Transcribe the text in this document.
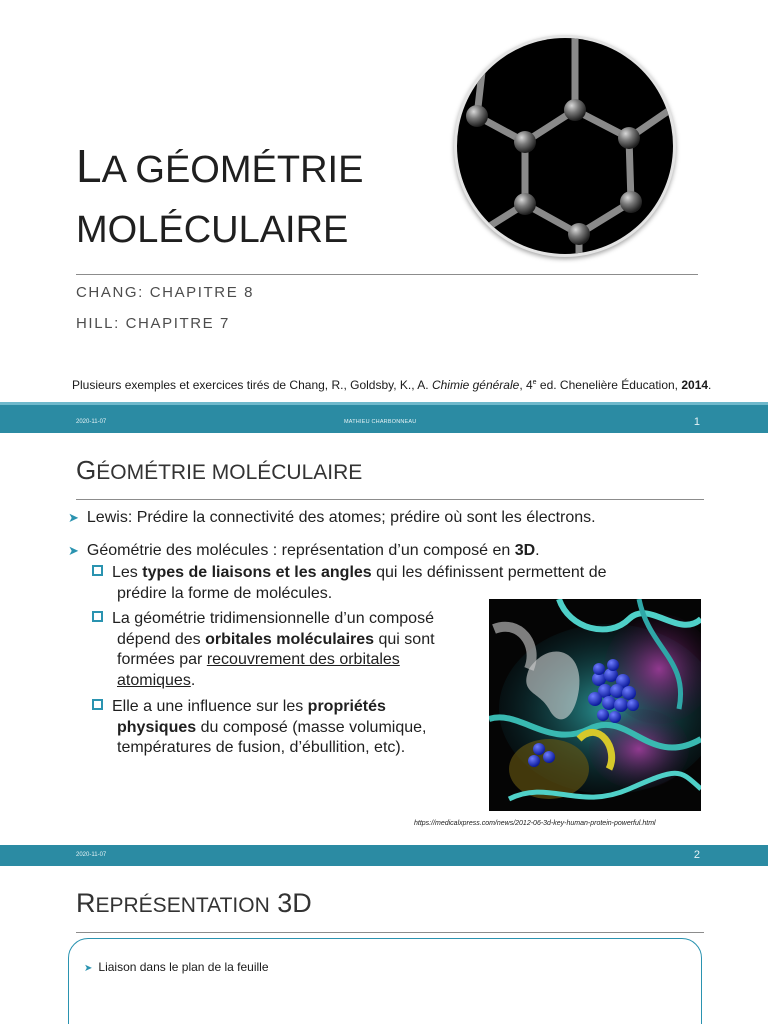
LA GÉOMÉTRIE
MOLÉCULAIRE
CHANG: CHAPITRE 8
HILL: CHAPITRE 7
Plusieurs exemples et exercices tirés de Chang, R., Goldsby, K., A. Chimie générale, 4e ed. Chenelière Éducation, 2014.
2020-11-07	MATHIEU CHARBONNEAU	1
GÉOMÉTRIE MOLÉCULAIRE
➤ Lewis: Prédire la connectivité des atomes; prédire où sont les électrons.
➤ Géométrie des molécules : représentation d’un composé en 3D.
Les types de liaisons et les angles qui les définissent permettent de
prédire la forme de molécules.
La géométrie tridimensionnelle d’un composé
dépend des orbitales moléculaires qui sont
formées par recouvrement des orbitales
atomiques.
Elle a une influence sur les propriétés
physiques du composé (masse volumique,
températures de fusion, d’ébullition, etc).
https://medicalxpress.com/news/2012-06-3d-key-human-protein-powerful.html
2020-11-07	2
REPRÉSENTATION 3D
➤ Liaison dans le plan de la feuille
